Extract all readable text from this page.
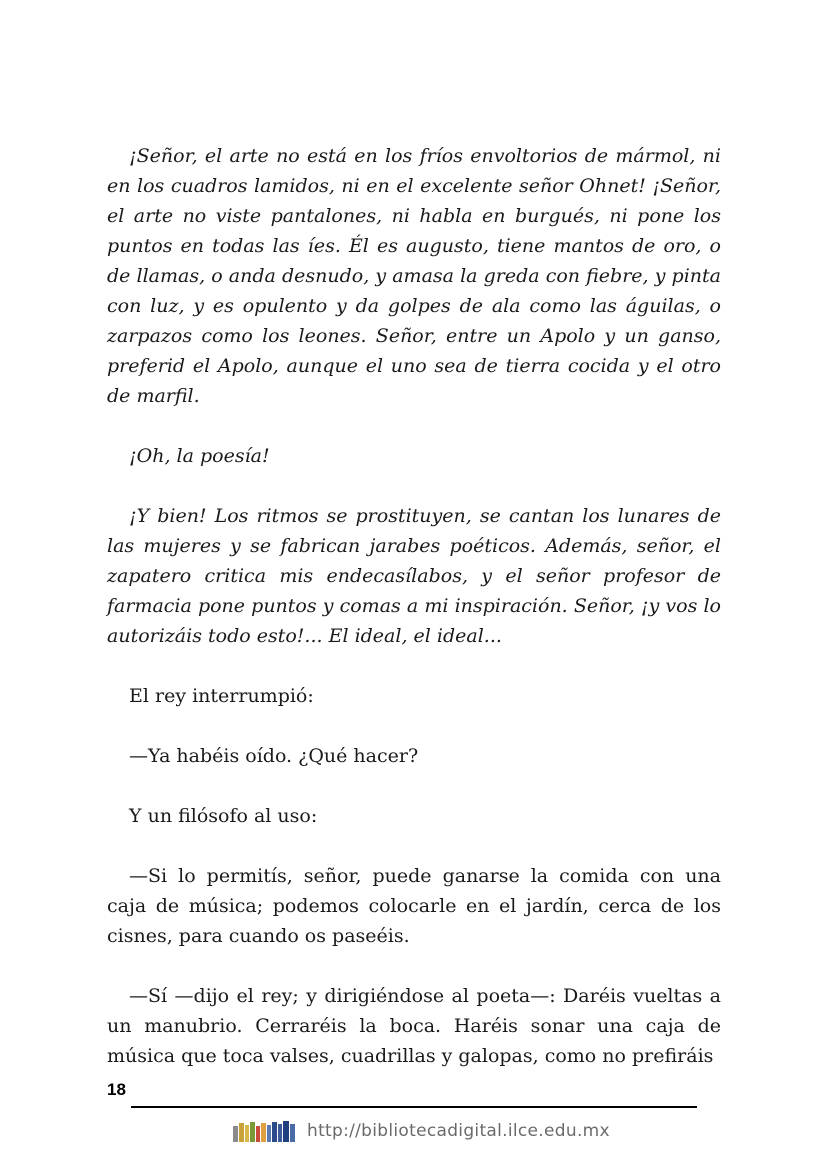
¡Señor, el arte no está en los fríos envoltorios de mármol, ni en los cuadros lamidos, ni en el excelente señor Ohnet! ¡Señor, el arte no viste pantalones, ni habla en burgués, ni pone los puntos en todas las íes. Él es augusto, tiene mantos de oro, o de llamas, o anda desnudo, y amasa la greda con fiebre, y pinta con luz, y es opulento y da golpes de ala como las águilas, o zarpazos como los leones. Señor, entre un Apolo y un ganso, preferid el Apolo, aunque el uno sea de tierra cocida y el otro de marfil.

¡Oh, la poesía!

¡Y bien! Los ritmos se prostituyen, se cantan los lunares de las mujeres y se fabrican jarabes poéticos. Además, señor, el zapatero critica mis endecasílabos, y el señor profesor de farmacia pone puntos y comas a mi inspiración. Señor, ¡y vos lo autorizáis todo esto!... El ideal, el ideal...

El rey interrumpió:

—Ya habéis oído. ¿Qué hacer?

Y un filósofo al uso:

—Si lo permitís, señor, puede ganarse la comida con una caja de música; podemos colocarle en el jardín, cerca de los cisnes, para cuando os paseéis.

—Sí —dijo el rey; y dirigiéndose al poeta—: Daréis vueltas a un manubrio. Cerraréis la boca. Haréis sonar una caja de música que toca valses, cuadrillas y galopas, como no prefiráis

18
http://bibliotecadigital.ilce.edu.mx
